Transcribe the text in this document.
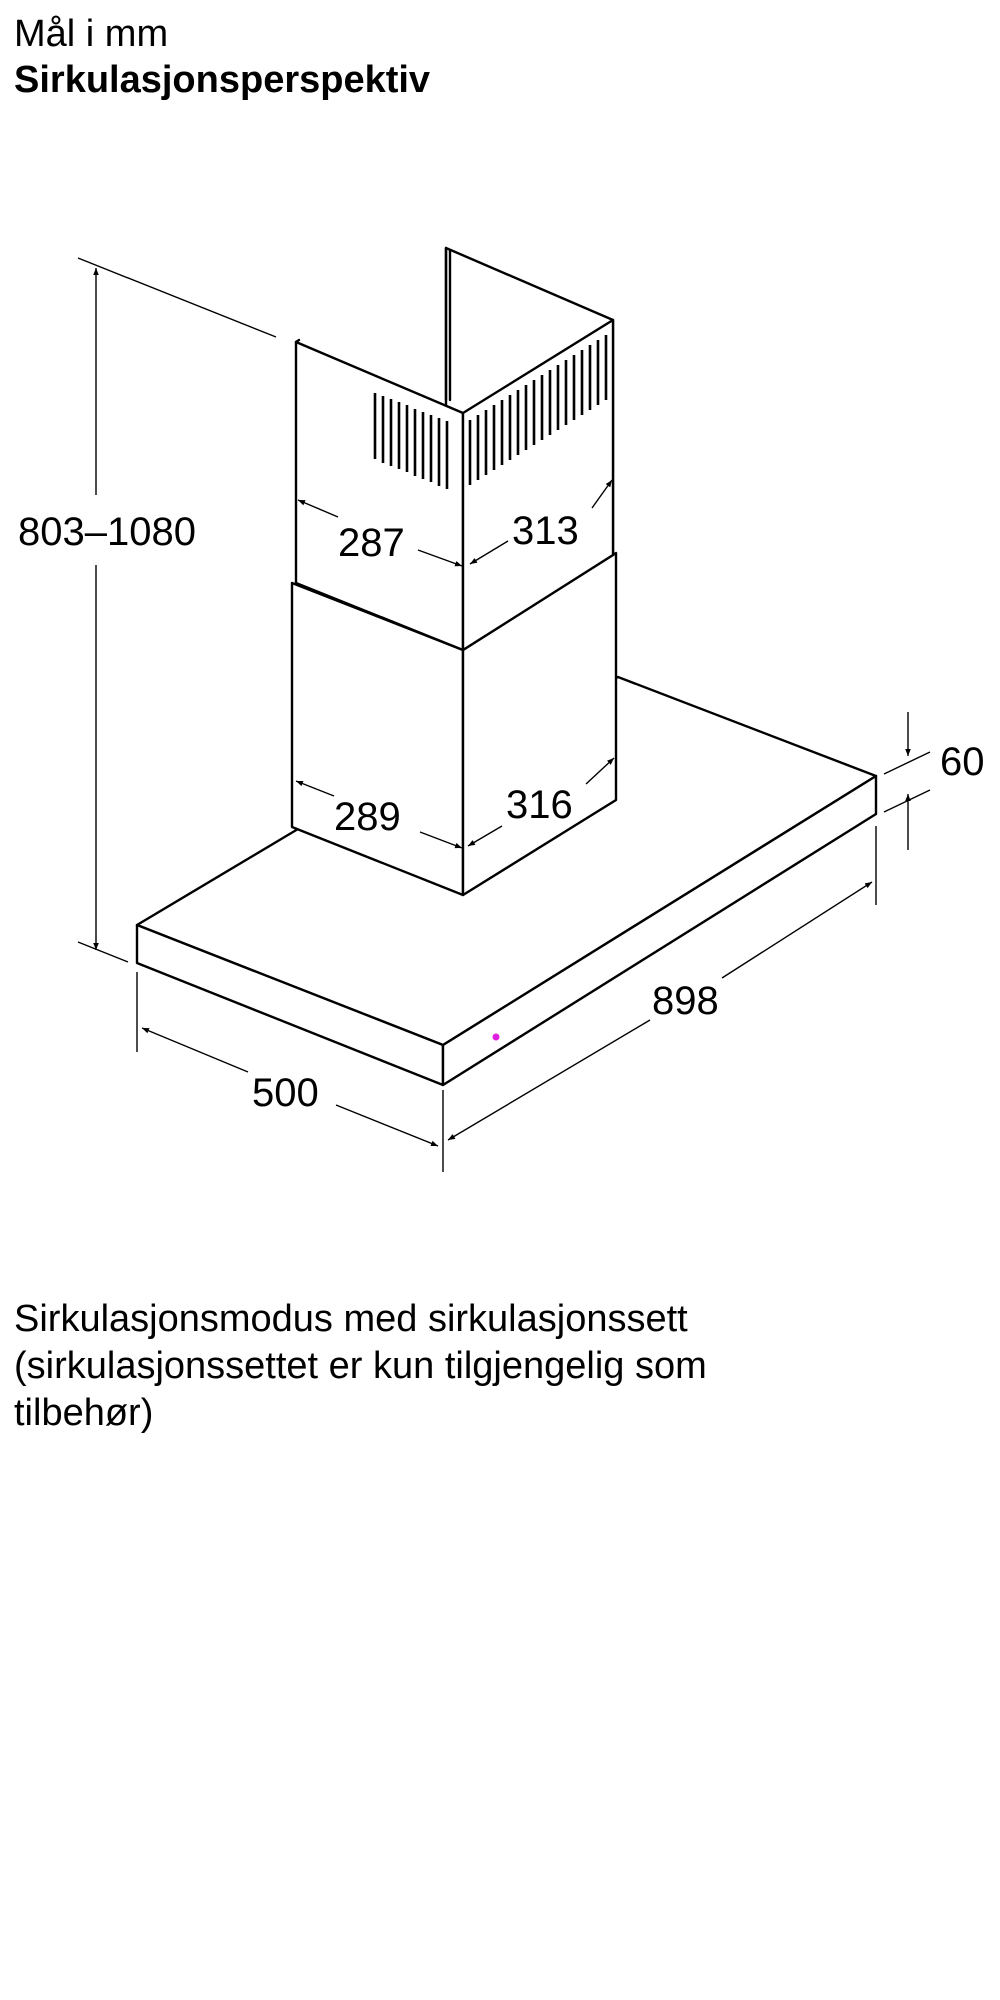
Mål i mm
Sirkulasjonsperspektiv
803–1080	287	313
289	316
60
898
500
Sirkulasjonsmodus med sirkulasjonssett
(sirkulasjonssettet er kun tilgjengelig som
tilbehør)
